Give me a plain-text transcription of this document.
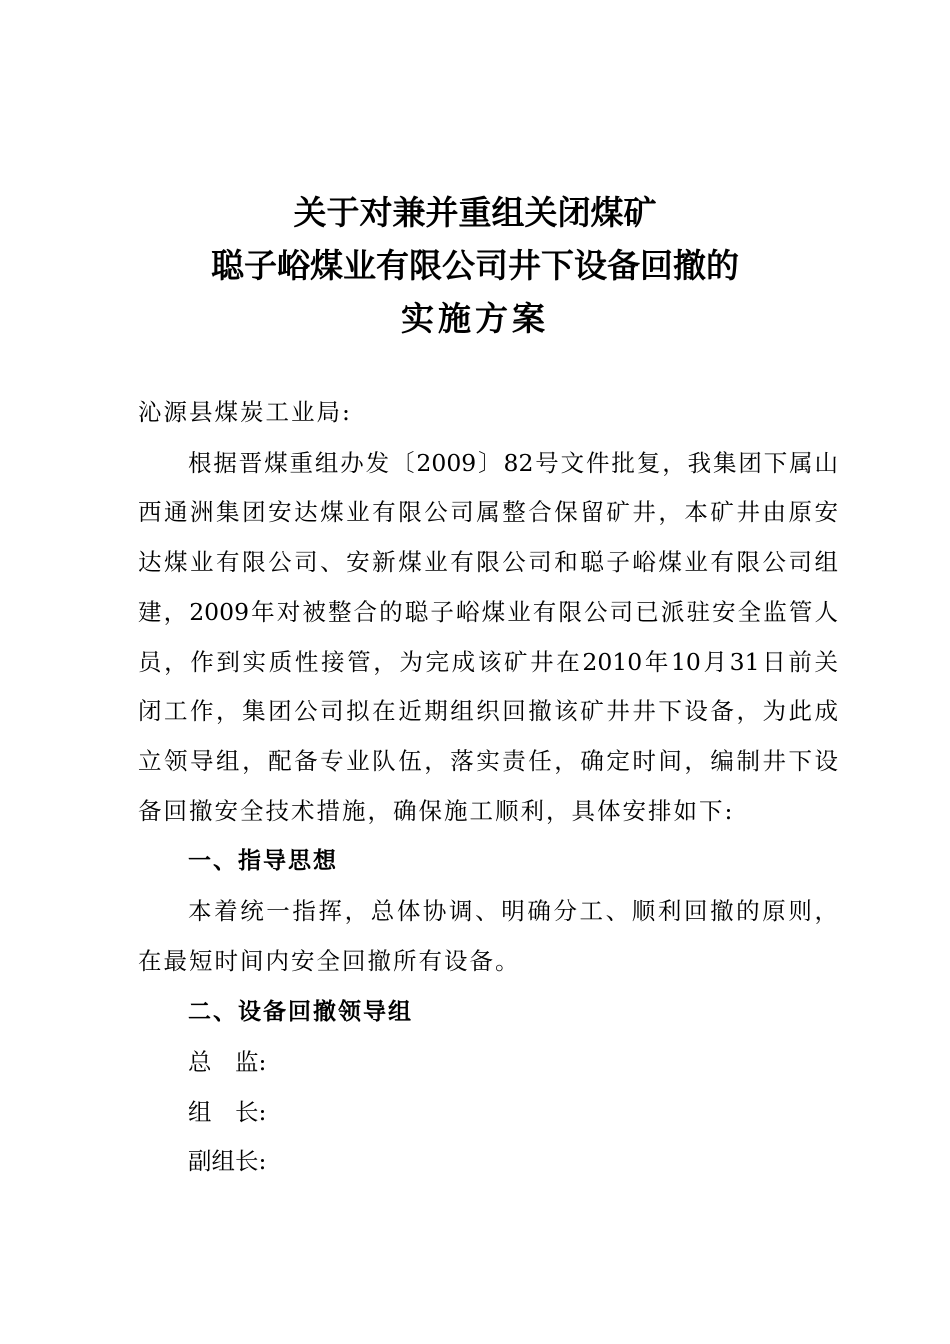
关于对兼并重组关闭煤矿
聪子峪煤业有限公司井下设备回撤的
实施方案
沁源县煤炭工业局:
根据晋煤重组办发〔2009〕82号文件批复，我集团下属山
西通洲集团安达煤业有限公司属整合保留矿井，本矿井由原安
达煤业有限公司、安新煤业有限公司和聪子峪煤业有限公司组
建，2009年对被整合的聪子峪煤业有限公司已派驻安全监管人
员，作到实质性接管，为完成该矿井在2010年10月31日前关
闭工作，集团公司拟在近期组织回撤该矿井井下设备，为此成
立领导组，配备专业队伍，落实责任，确定时间，编制井下设
备回撤安全技术措施，确保施工顺利，具体安排如下:
一、指导思想
本着统一指挥，总体协调、明确分工、顺利回撤的原则，
在最短时间内安全回撤所有设备。
二、设备回撤领导组
总　监:
组　长:
副组长:
